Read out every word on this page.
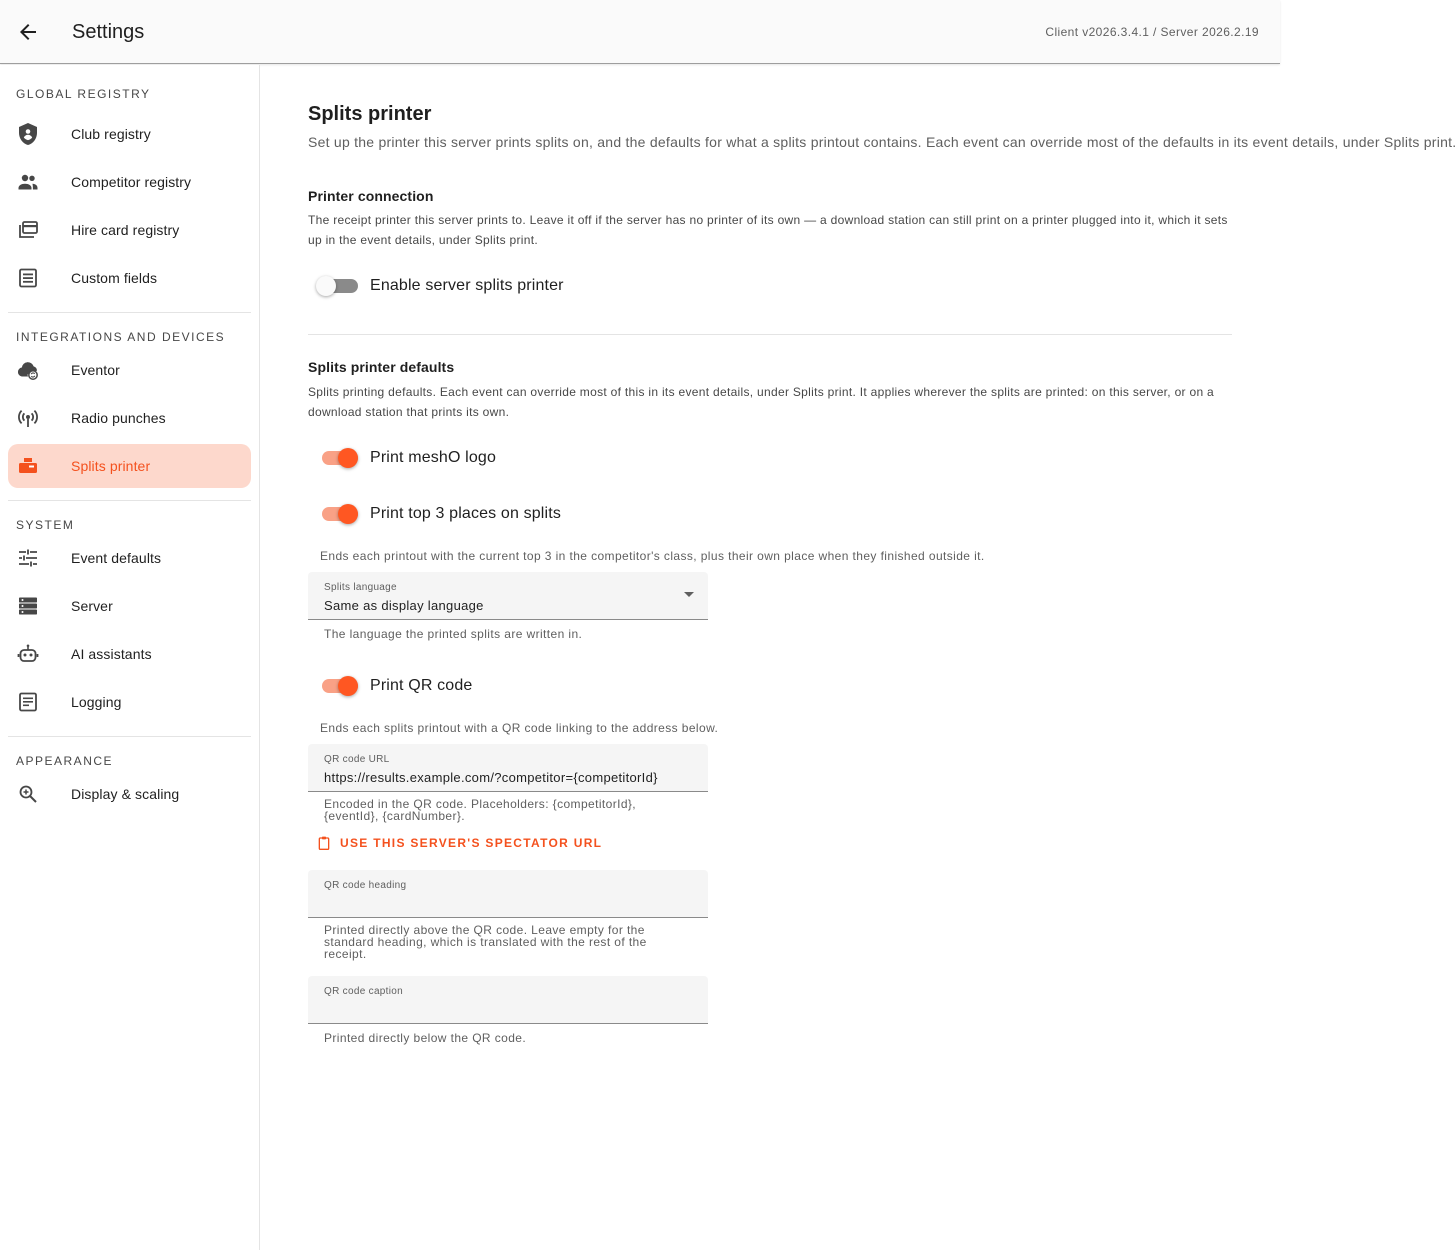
Settings	Client v2026.3.4.1 / Server 2026.2.19
GLOBAL REGISTRY
Club registry
Competitor registry
Hire card registry
Custom fields
INTEGRATIONS AND DEVICES
Eventor
Radio punches
Splits printer
SYSTEM
Event defaults
Server
AI assistants
Logging
APPEARANCE
Display & scaling
Splits printer

Set up the printer this server prints splits on, and the defaults for what a splits printout contains. Each event can override most of the defaults in its event details, under Splits print.

Printer connection

The receipt printer this server prints to. Leave it off if the server has no printer of its own — a download station can still print on a printer plugged into it, which it sets up in the event details, under Splits print.

Enable server splits printer
Splits printer defaults

Splits printing defaults. Each event can override most of this in its event details, under Splits print. It applies wherever the splits are printed: on this server, or on a download station that prints its own.

Print meshO logo
Print top 3 places on splits
Ends each printout with the current top 3 in the competitor's class, plus their own place when they finished outside it.
Splits language
Same as display language
The language the printed splits are written in.
Print QR code
Ends each splits printout with a QR code linking to the address below.
QR code URL
https://results.example.com/?competitor={competitorId}
Encoded in the QR code. Placeholders: {competitorId}, {eventId}, {cardNumber}.
USE THIS SERVER'S SPECTATOR URL
QR code heading
Printed directly above the QR code. Leave empty for the standard heading, which is translated with the rest of the receipt.
QR code caption
Printed directly below the QR code.
